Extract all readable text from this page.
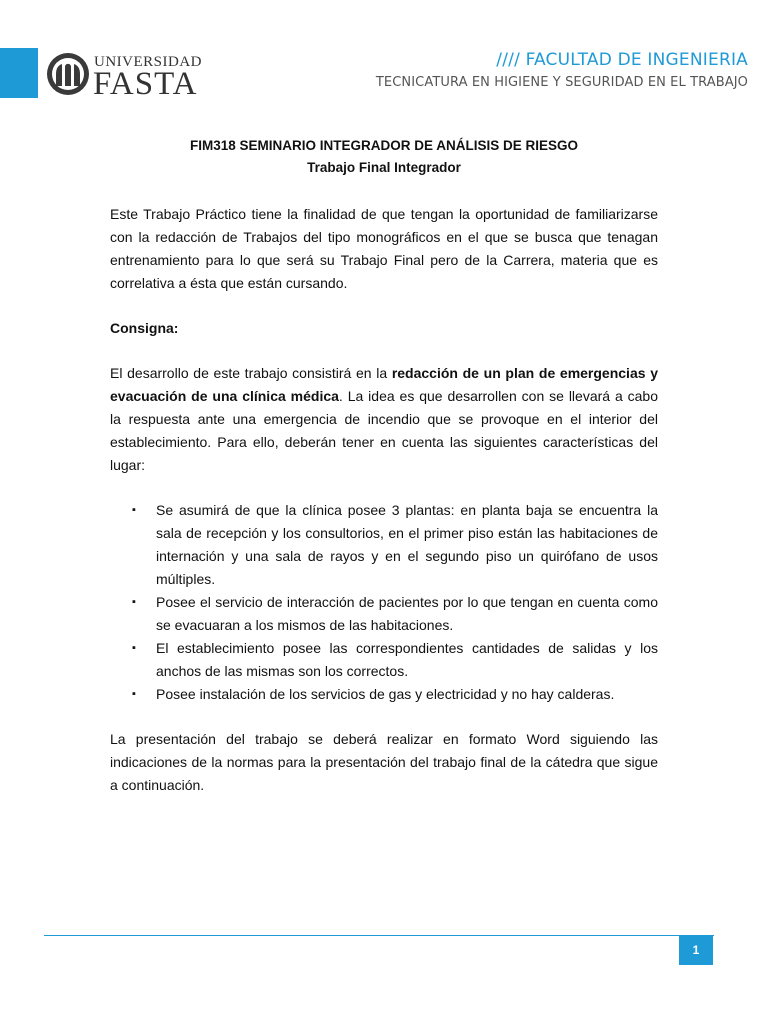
UNIVERSIDAD
FASTA
//// FACULTAD DE INGENIERIA
TECNICATURA EN HIGIENE Y SEGURIDAD EN EL TRABAJO
FIM318 SEMINARIO INTEGRADOR DE ANÁLISIS DE RIESGO
Trabajo Final Integrador

Este Trabajo Práctico tiene la finalidad de que tengan la oportunidad de familiarizarse con la redacción de Trabajos del tipo monográficos en el que se busca que tenagan entrenamiento para lo que será su Trabajo Final pero de la Carrera, materia que es correlativa a ésta que están cursando.

Consigna:

El desarrollo de este trabajo consistirá en la redacción de un plan de emergencias y evacuación de una clínica médica. La idea es que desarrollen con se llevará a cabo la respuesta ante una emergencia de incendio que se provoque en el interior del establecimiento. Para ello, deberán tener en cuenta las siguientes características del lugar:

▪ Se asumirá de que la clínica posee 3 plantas: en planta baja se encuentra la sala de recepción y los consultorios, en el primer piso están las habitaciones de internación y una sala de rayos y en el segundo piso un quirófano de usos múltiples.
▪ Posee el servicio de interacción de pacientes por lo que tengan en cuenta como se evacuaran a los mismos de las habitaciones.
▪ El establecimiento posee las correspondientes cantidades de salidas y los anchos de las mismas son los correctos.
▪ Posee instalación de los servicios de gas y electricidad y no hay calderas.

La presentación del trabajo se deberá realizar en formato Word siguiendo las indicaciones de la normas para la presentación del trabajo final de la cátedra que sigue a continuación.

1
